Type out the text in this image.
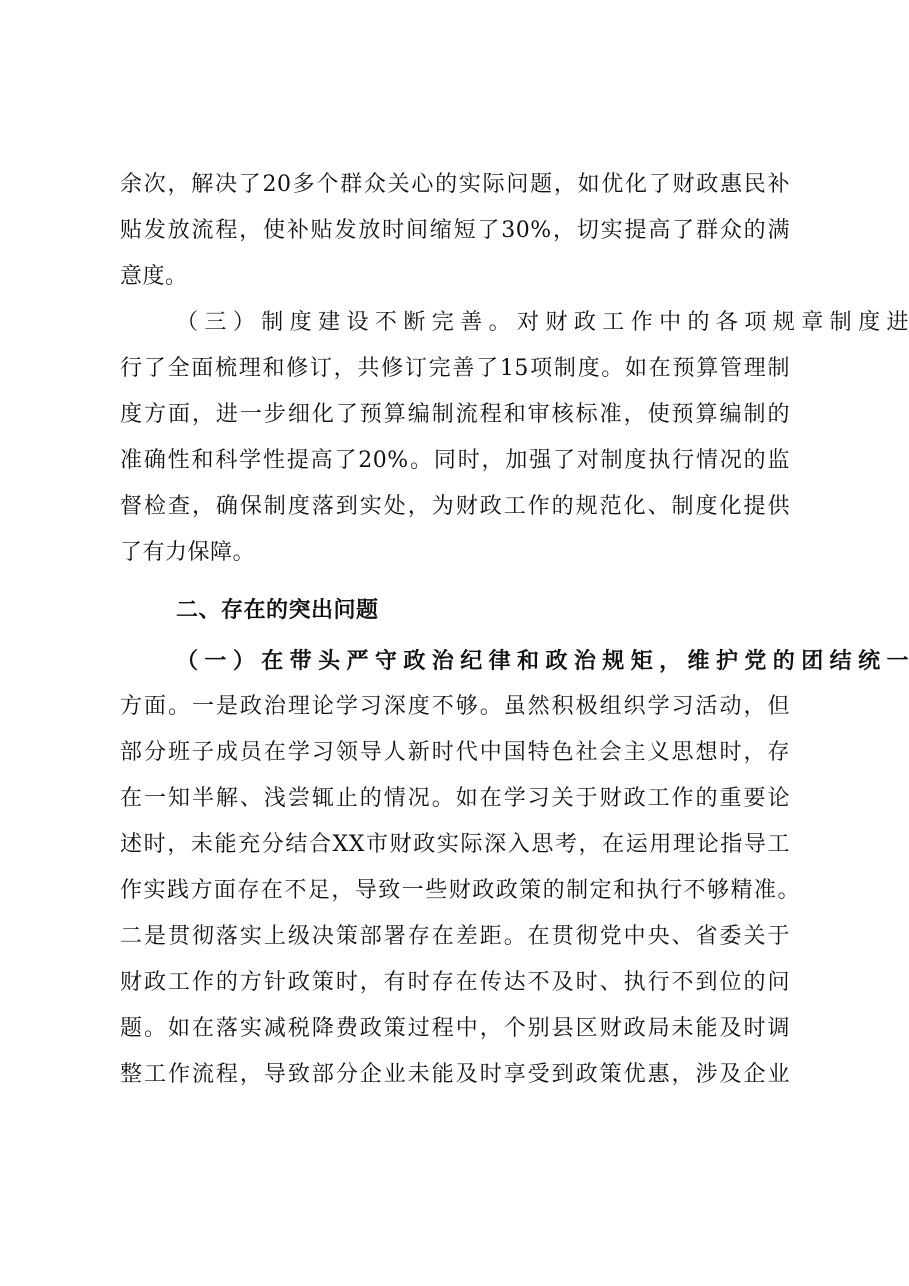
余次，解决了20多个群众关心的实际问题，如优化了财政惠民补
贴发放流程，使补贴发放时间缩短了30%，切实提高了群众的满
意度。
（三）制度建设不断完善。对财政工作中的各项规章制度进
行了全面梳理和修订，共修订完善了15项制度。如在预算管理制
度方面，进一步细化了预算编制流程和审核标准，使预算编制的
准确性和科学性提高了20%。同时，加强了对制度执行情况的监
督检查，确保制度落到实处，为财政工作的规范化、制度化提供
了有力保障。
二、存在的突出问题
（一）在带头严守政治纪律和政治规矩，维护党的团结统一
方面。一是政治理论学习深度不够。虽然积极组织学习活动，但
部分班子成员在学习领导人新时代中国特色社会主义思想时，存
在一知半解、浅尝辄止的情况。如在学习关于财政工作的重要论
述时，未能充分结合XX市财政实际深入思考，在运用理论指导工
作实践方面存在不足，导致一些财政政策的制定和执行不够精准。
二是贯彻落实上级决策部署存在差距。在贯彻党中央、省委关于
财政工作的方针政策时，有时存在传达不及时、执行不到位的问
题。如在落实减税降费政策过程中，个别县区财政局未能及时调
整工作流程，导致部分企业未能及时享受到政策优惠，涉及企业
